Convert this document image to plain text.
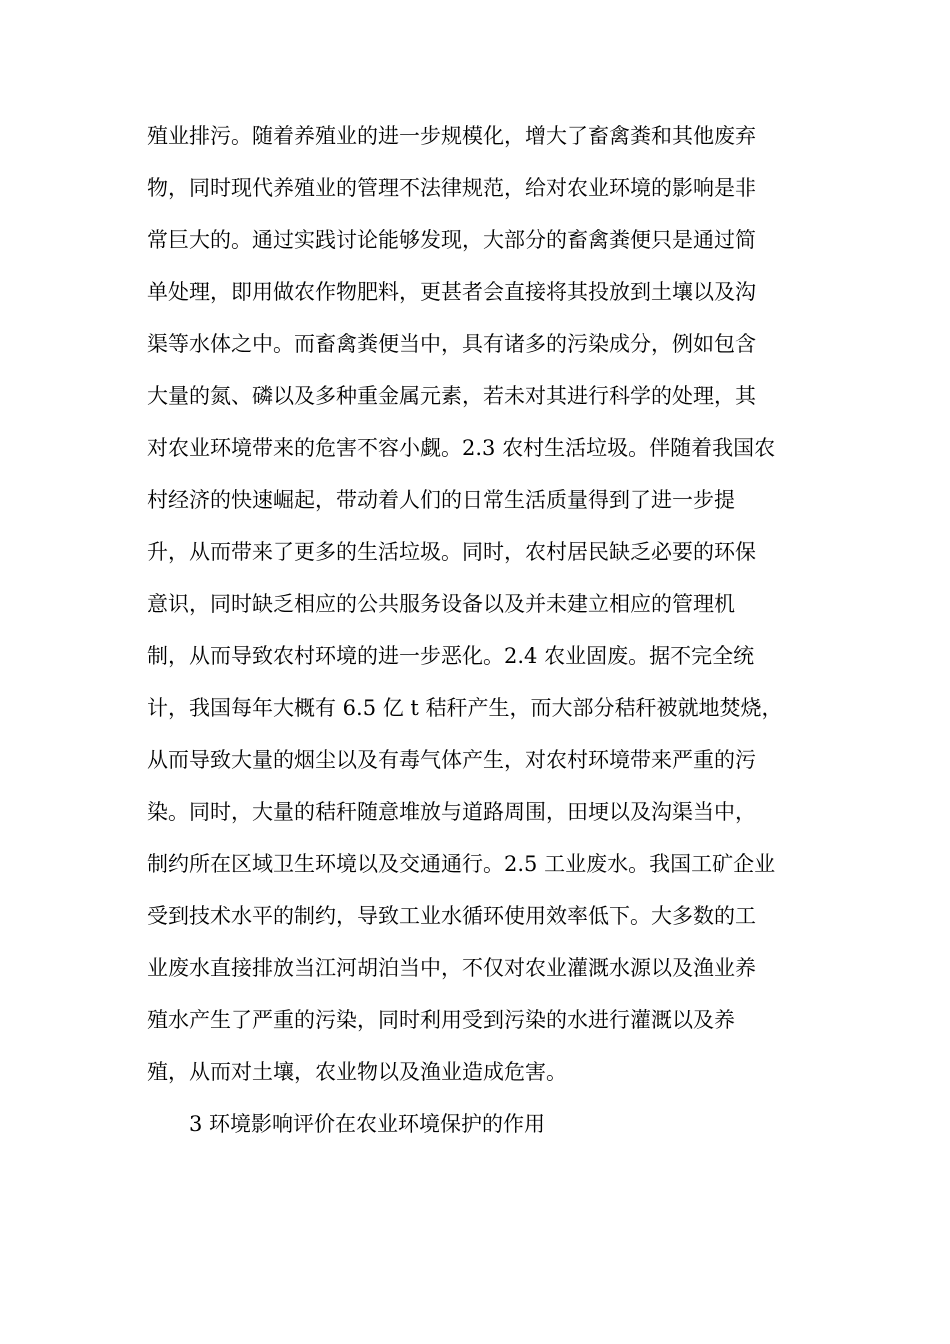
殖业排污。随着养殖业的进一步规模化，增大了畜禽粪和其他废弃
物，同时现代养殖业的管理不法律规范，给对农业环境的影响是非
常巨大的。通过实践讨论能够发现，大部分的畜禽粪便只是通过简
单处理，即用做农作物肥料，更甚者会直接将其投放到土壤以及沟
渠等水体之中。而畜禽粪便当中，具有诸多的污染成分，例如包含
大量的氮、磷以及多种重金属元素，若未对其进行科学的处理，其
对农业环境带来的危害不容小觑。2.3 农村生活垃圾。伴随着我国农
村经济的快速崛起，带动着人们的日常生活质量得到了进一步提
升，从而带来了更多的生活垃圾。同时，农村居民缺乏必要的环保
意识，同时缺乏相应的公共服务设备以及并未建立相应的管理机
制，从而导致农村环境的进一步恶化。2.4 农业固废。据不完全统
计，我国每年大概有 6.5 亿 t 秸秆产生，而大部分秸秆被就地焚烧，
从而导致大量的烟尘以及有毒气体产生，对农村环境带来严重的污
染。同时，大量的秸秆随意堆放与道路周围，田埂以及沟渠当中，
制约所在区域卫生环境以及交通通行。2.5 工业废水。我国工矿企业
受到技术水平的制约，导致工业水循环使用效率低下。大多数的工
业废水直接排放当江河胡泊当中，不仅对农业灌溉水源以及渔业养
殖水产生了严重的污染，同时利用受到污染的水进行灌溉以及养
殖，从而对土壤，农业物以及渔业造成危害。
3 环境影响评价在农业环境保护的作用
